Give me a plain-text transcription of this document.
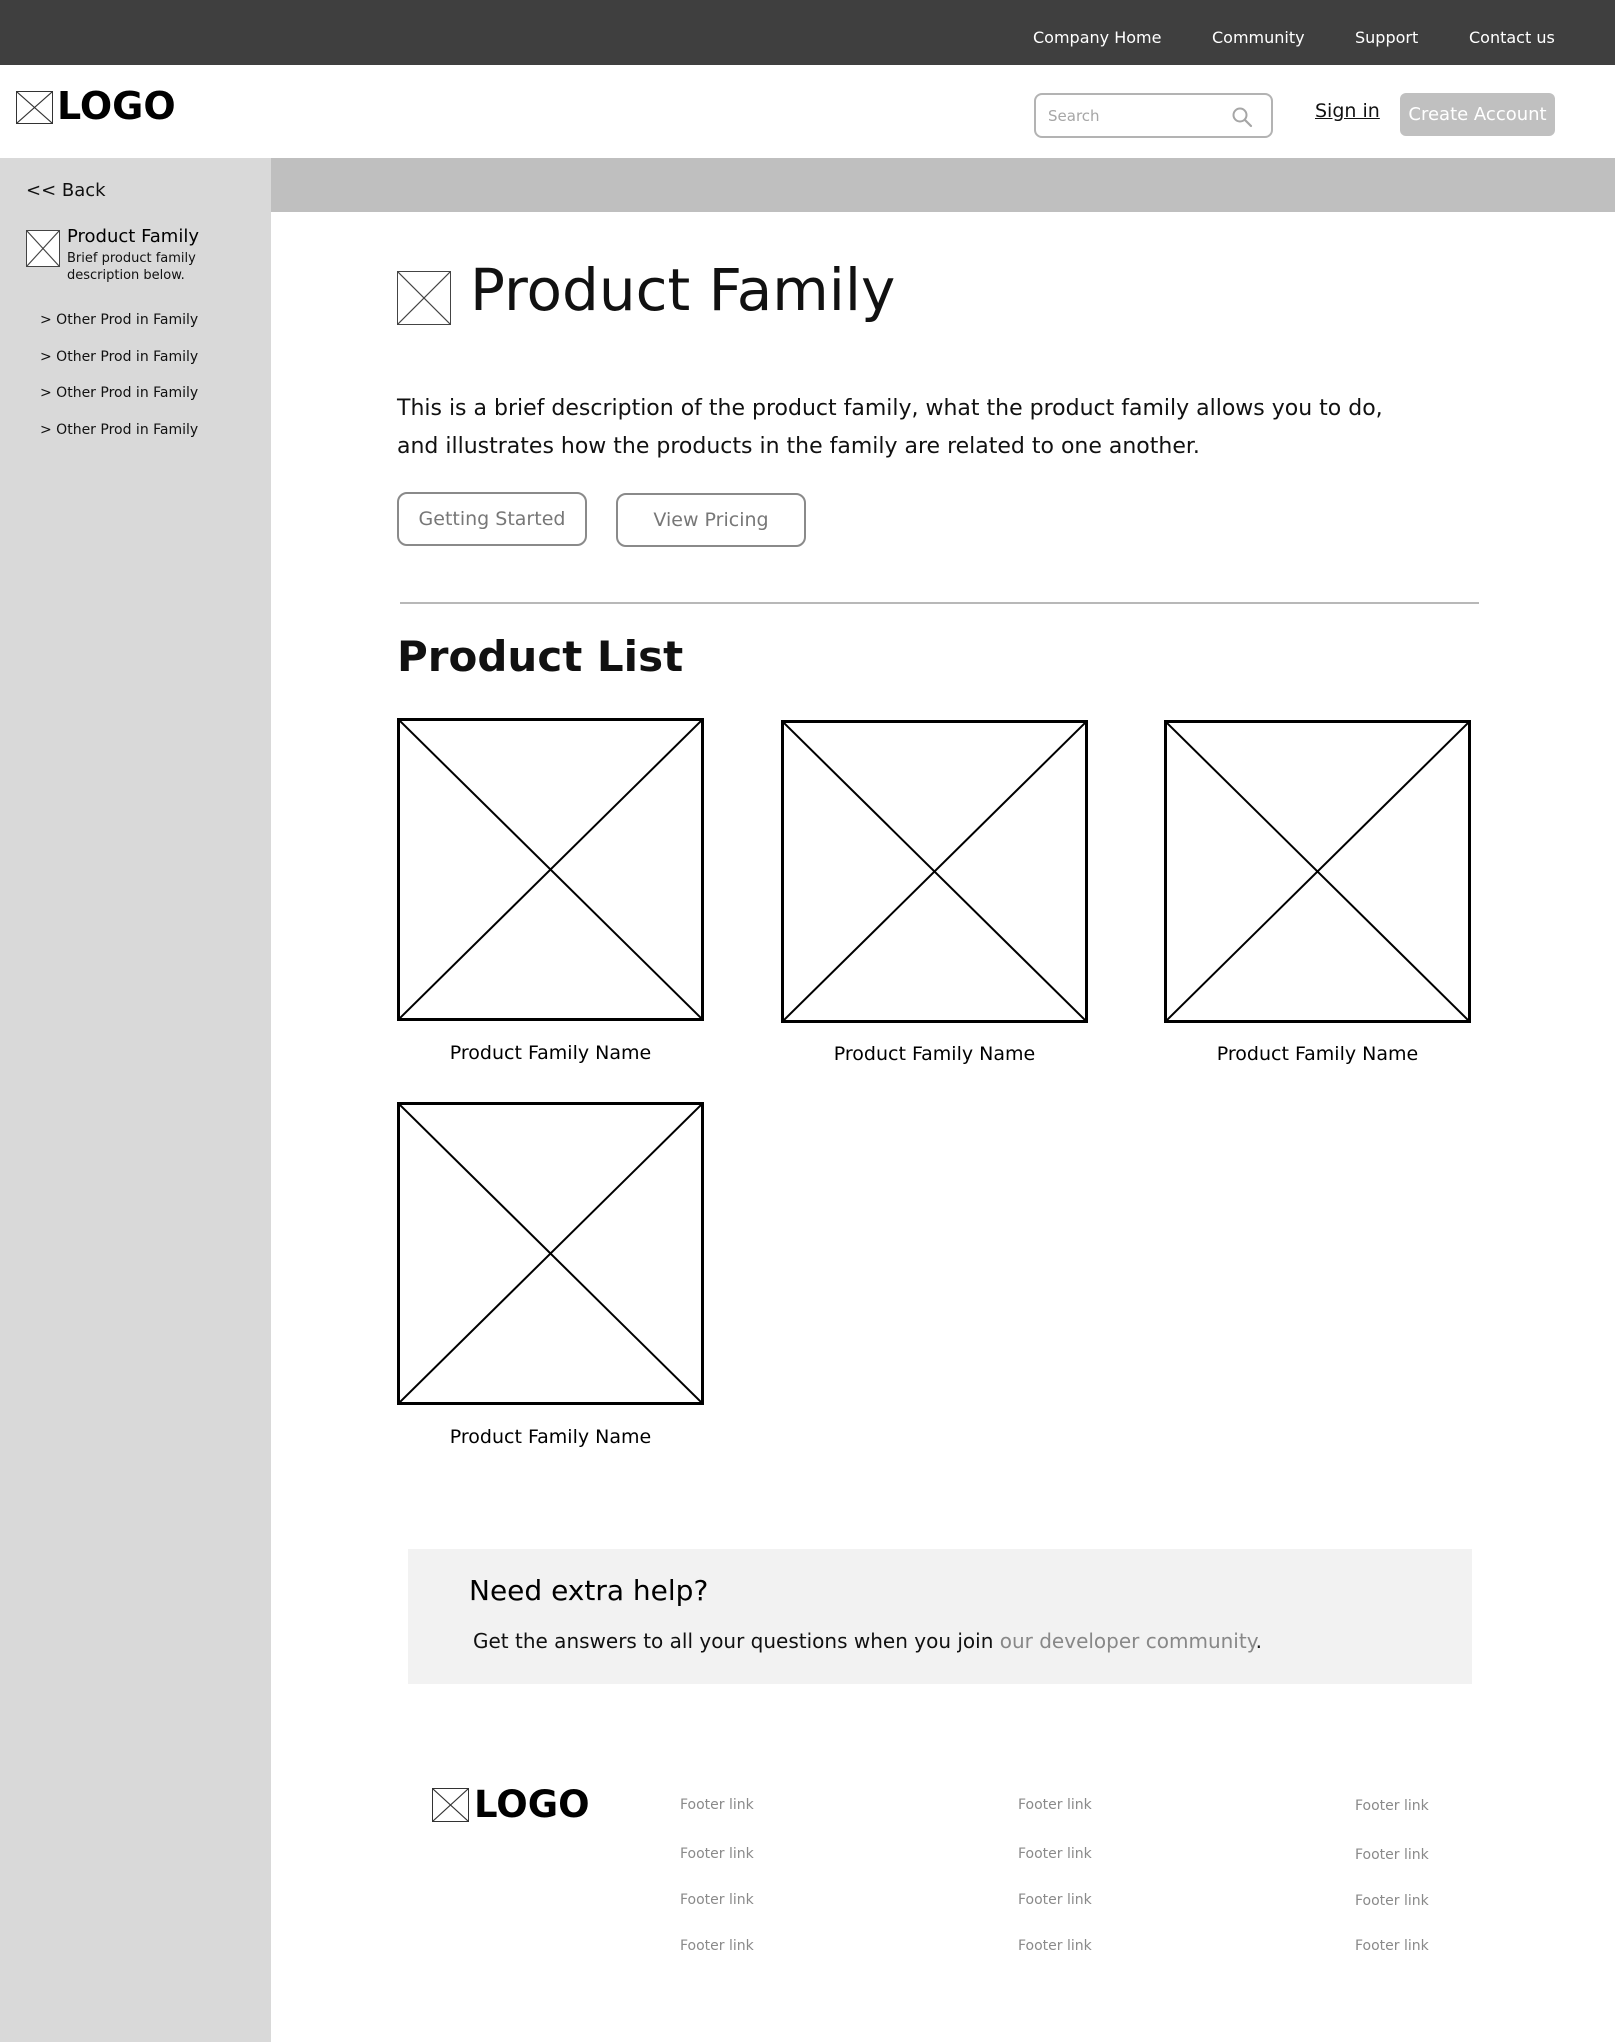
Company Home	Community	Support	Contact us
LOGO
Search	Sign in	Create Account
<< Back
Product Family
Brief product family description below.
> Other Prod in Family
> Other Prod in Family
> Other Prod in Family
> Other Prod in Family
Product Family

This is a brief description of the product family, what the product family allows you to do, and illustrates how the products in the family are related to one another.

Getting Started	View Pricing
Product List
Product Family Name	Product Family Name	Product Family Name
Product Family Name
Need extra help?
Get the answers to all your questions when you join our developer community.
LOGO	Footer link
Footer link
Footer link
Footer link
Footer link
Footer link
Footer link
Footer link
Footer link
Footer link
Footer link
Footer link
